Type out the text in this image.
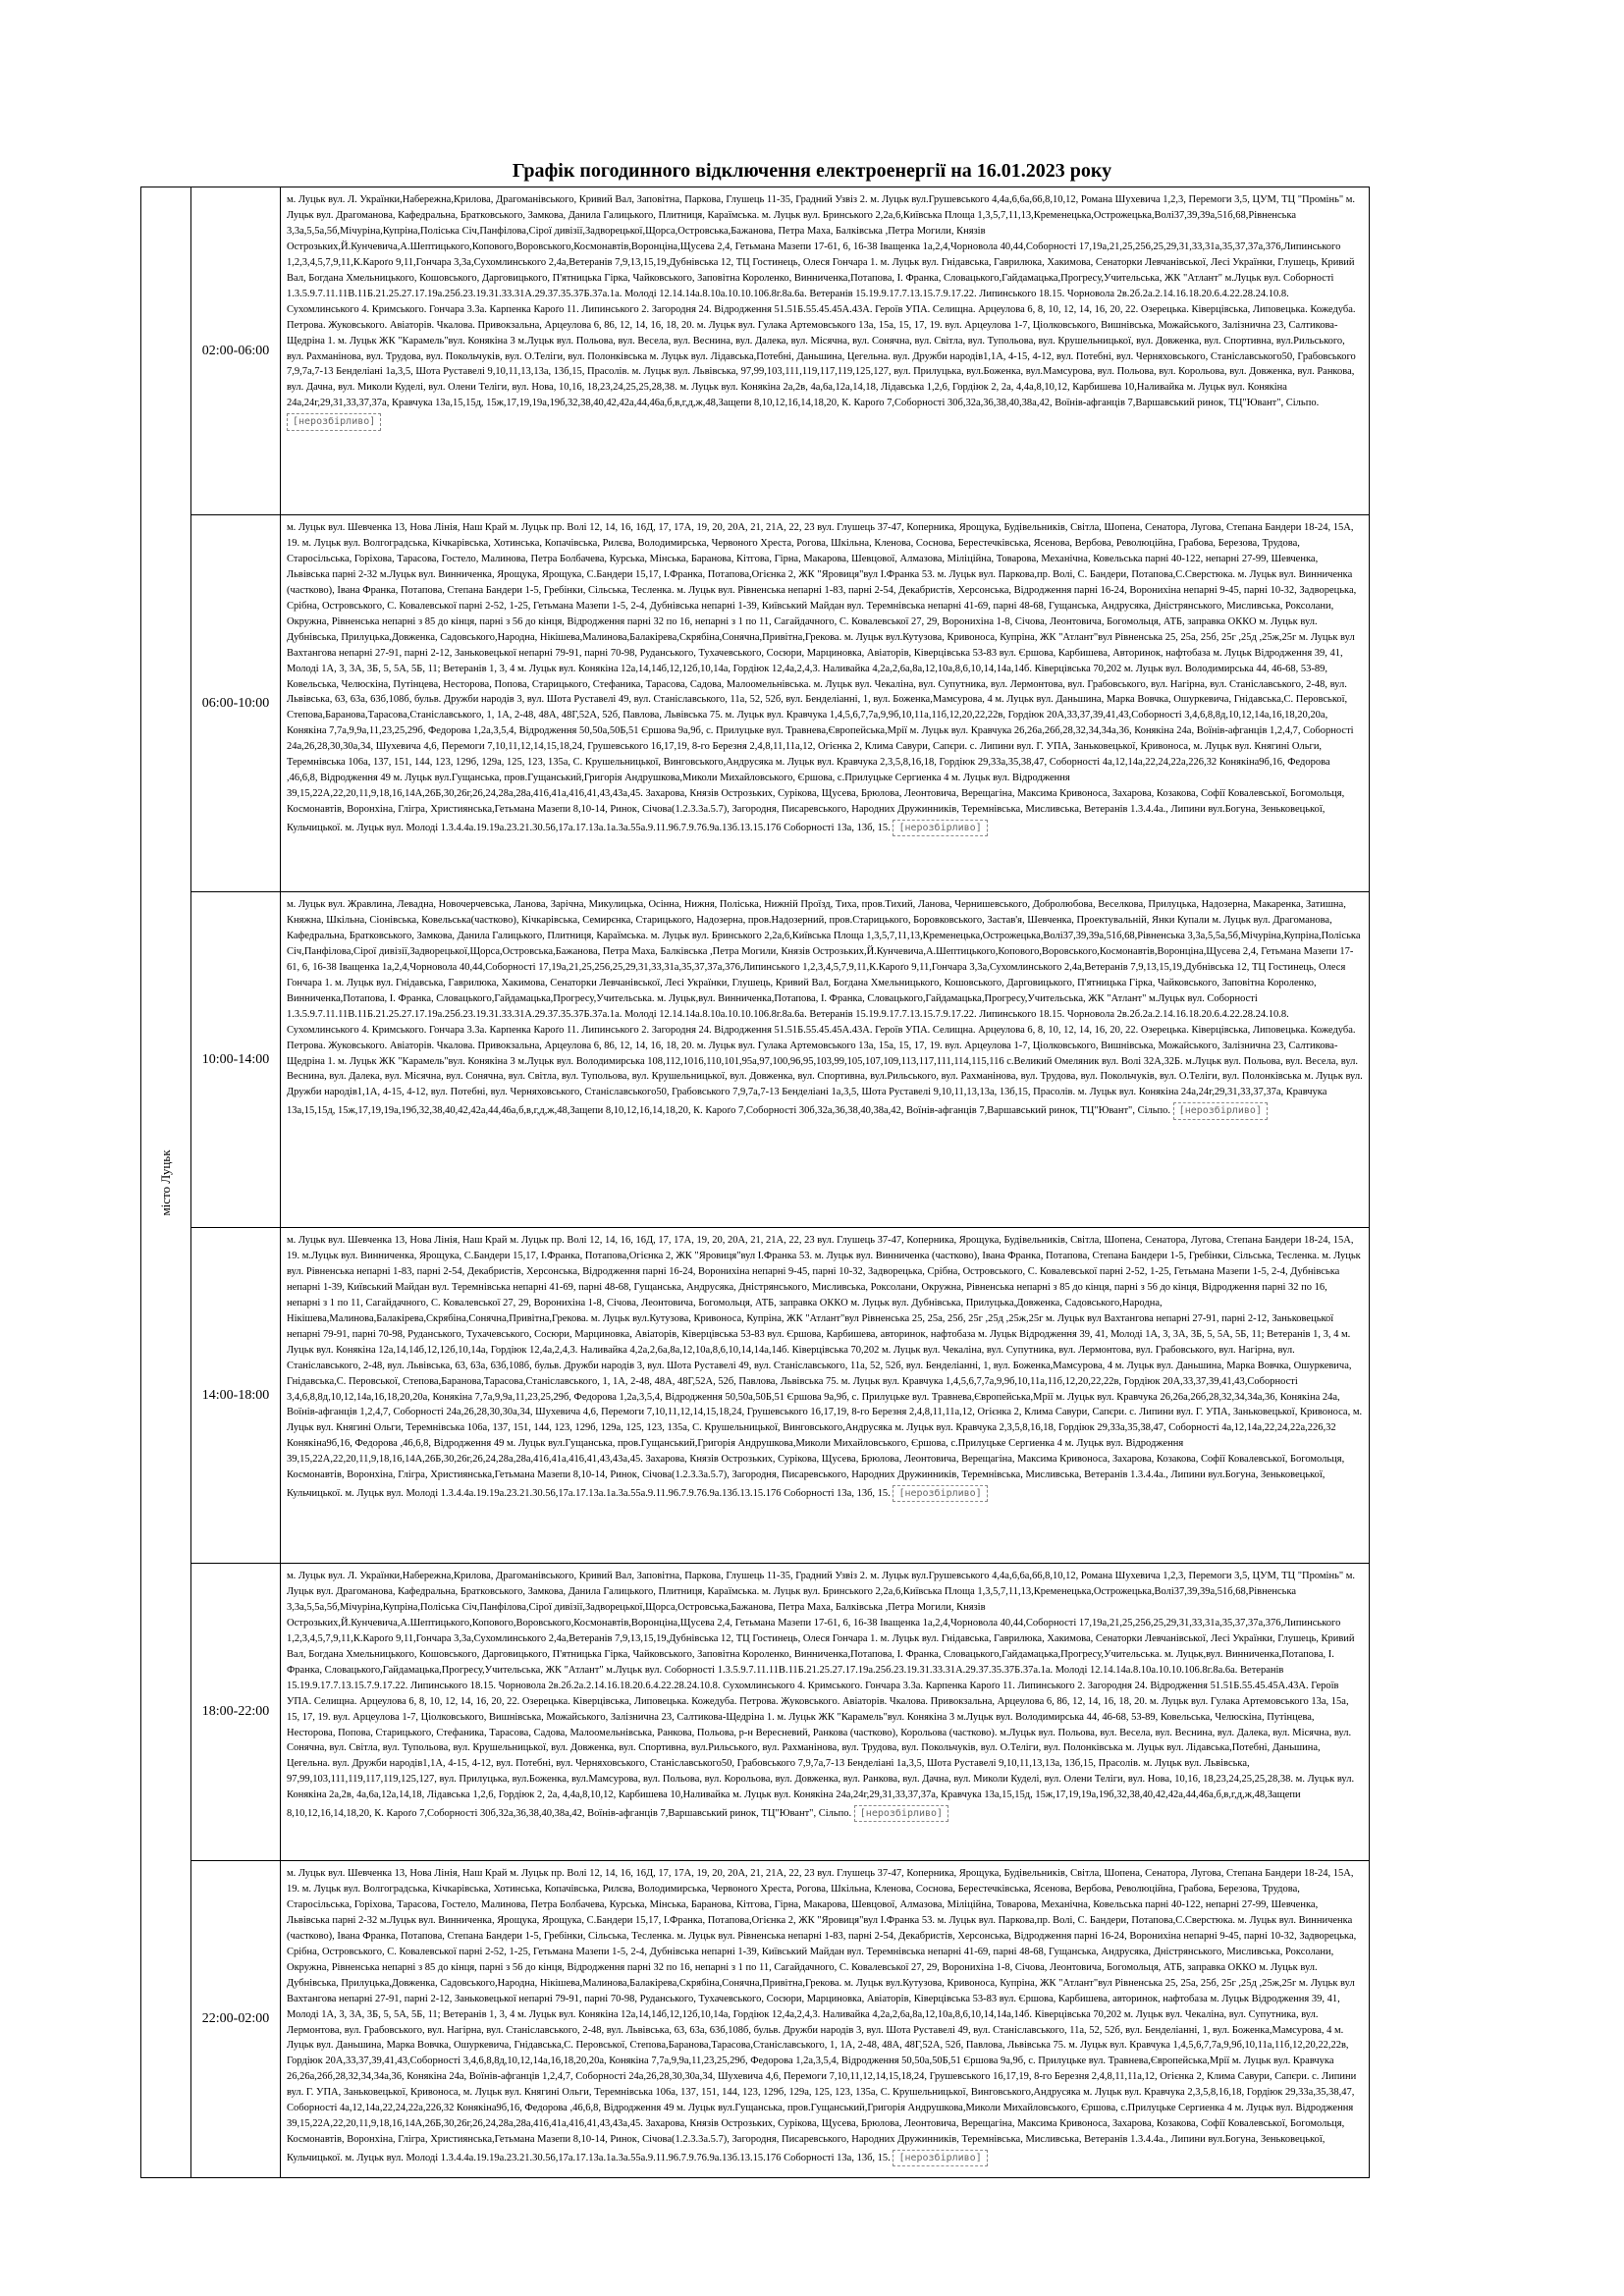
Графік погодинного відключення електроенергії на 16.01.2023 року
місто Луцьк	02:00-06:00	м. Луцьк вул. Л. Українки,Набережна,Крилова, Драгоманівського, Кривий Вал, Заповітна, Паркова, Глушець 11-35, Градний Узвіз 2. м. Луцьк вул.Грушевського 4,4а,6,6а,66,8,10,12, Романа Шухевича 1,2,3, Перемоги 3,5, ЦУМ, ТЦ "Промінь" м. Луцьк вул. Драгоманова, Кафедральна, Братковського, Замкова, Данила Галицького, Плитниця, Караїмська. м. Луцьк вул. Бринського 2,2а,6,Київська Площа 1,3,5,7,11,13,Кременецька,Острожецька,Волі37,39,39а,51б,68,Рівненська 3,3а,5,5а,5б,Мічуріна,Купріна,Поліська Січ,Панфілова,Сірої дивізії,Задворецької,Щорса,Островська,Бажанова, Петра Маха, Балківська ,Петра Могили, Князів Острозьких,Й.Кунчевича,А.Шептицького,Копового,Воровського,Космонавтів,Воронціна,Щусева 2,4, Гетьмана Мазепи 17-61, 6, 16-38 Іващенка 1а,2,4,Чорновола 40,44,Соборності 17,19а,21,25,256,25,29,31,33,31а,35,37,37а,376,Липинського 1,2,3,4,5,7,9,11,К.Кароґо 9,11,Гончара 3,3а,Сухомлинського 2,4а,Ветеранів 7,9,13,15,19,Дубнівська 12, ТЦ Гостинець, Олеся Гончара 1. м. Луцьк вул. Гнідавська, Гаврилюка, Хакимова, Сенаторки Левчанівської, Лесі Українки, Глушець, Кривий Вал, Богдана Хмельницького, Кошовського, Дарговицького, П'ятницька Гірка, Чайковського, Заповітна Короленко, Винниченка,Потапова, І. Франка, Словацького,Гайдамацька,Прогресу,Учительська, ЖК "Атлант" м.Луцьк вул. Соборності 1.3.5.9.7.11.11В.11Б.21.25.27.17.19а.25б.23.19.31.33.31А.29.37.35.37Б.37а.1а. Молоді 12.14.14а.8.10а.10.10.106.8г.8а.6а. Ветеранів 15.19.9.17.7.13.15.7.9.17.22. Липинського 18.15. Чорновола 2в.2б.2а.2.14.16.18.20.6.4.22.28.24.10.8. Сухомлинського 4. Кримського. Гончара 3.3а. Карпенка Кароґо 11. Липинського 2. Загородня 24. Відродження 51.51Б.55.45.45А.43А. Героїв УПА. Селищна. Арцеулова 6, 8, 10, 12, 14, 16, 20, 22. Озерецька. Ківерцівська, Липовецька. Кожедуба. Петрова. Жуковського. Авіаторів. Чкалова. Привокзальна, Арцеулова 6, 86, 12, 14, 16, 18, 20. м. Луцьк вул. Гулака Артемовського 13а, 15а, 15, 17, 19. вул. Арцеулова 1-7, Ціолковського, Вишнівська, Можайського, Залізнична 23, Салтикова-Щедріна 1. м. Луцьк ЖК "Карамель"вул. Конякіна 3 м.Луцьк вул. Польова, вул. Весела, вул. Веснина, вул. Далека, вул. Місячна, вул. Сонячна, вул. Світла, вул. Тупольова, вул. Крушельницької, вул. Довженка, вул. Спортивна, вул.Рильського, вул. Рахманінова, вул. Трудова, вул. Покольчуків, вул. О.Теліги, вул. Полонківська м. Луцьк вул. Лідавська,Потебні, Даньшина, Цегельна. вул. Дружби народів1,1А, 4-15, 4-12, вул. Потебні, вул. Черняховського, Станіславського50, Грабовського 7,9,7а,7-13 Бенделіані 1а,3,5, Шота Руставелі 9,10,11,13,13а, 13б,15, Прасолів. м. Луцьк вул. Львівська, 97,99,103,111,119,117,119,125,127, вул. Прилуцька, вул.Боженка, вул.Мамсурова, вул. Польова, вул. Корольова, вул. Довженка, вул. Ранкова, вул. Дачна, вул. Миколи Куделі, вул. Олени Теліги, вул. Нова, 10,16, 18,23,24,25,25,28,38. м. Луцьк вул. Конякіна 2а,2в, 4а,6а,12а,14,18, Лідавська 1,2,6, Гордіюк 2, 2а, 4,4а,8,10,12, Карбишева 10,Наливайка м. Луцьк вул. Конякіна 24а,24г,29,31,33,37,37а, Кравчука 13а,15,15д, 15ж,17,19,19а,19б,32,38,40,42,42а,44,46а,б,в,г,д,ж,48,Защепи 8,10,12,16,14,18,20, К. Кароґо 7,Соборності 30б,32а,36,38,40,38а,42, Воїнів-афганців 7,Варшавський ринок, ТЦ"Ювант", Сільпо. [нерозбірливо]
	06:00-10:00	м. Луцьк вул. Шевченка 13, Нова Лінія, Наш Край м. Луцьк пр. Волі 12, 14, 16, 16Д, 17, 17А, 19, 20, 20А, 21, 21А, 22, 23 вул. Глушець 37-47, Коперника, Ярощука, Будівельників, Світла, Шопена, Сенатора, Лугова, Степана Бандери 18-24, 15А, 19. м. Луцьк вул. Волгоградська, Кічкарівська, Хотинська, Копачівська, Рилєва, Володимирська, Червоного Хреста, Рогова, Шкільна, Кленова, Соснова, Берестечківська, Ясенова, Вербова, Революційна, Грабова, Березова, Трудова, Старосільська, Горіхова, Тарасова, Гостело, Малинова, Петра Болбачева, Курська, Мінська, Баранова, Кітгова, Гірна, Макарова, Шевцової, Алмазова, Міліційна, Товарова, Механічна, Ковельська парні 40-122, непарні 27-99, Шевченка, Львівська парні 2-32 м.Луцьк вул. Винниченка, Ярощука, Ярощука, С.Бандери 15,17, І.Франка, Потапова,Огієнка 2, ЖК "Яровиця"вул І.Франка 53. м. Луцьк вул. Паркова,пр. Волі, С. Бандери, Потапова,С.Сверстюка. м. Луцьк вул. Винниченка (частково), Івана Франка, Потапова, Степана Бандери 1-5, Гребінки, Сільська, Тесленка. м. Луцьк вул. Рівненська непарні 1-83, парні 2-54, Декабристів, Херсонська, Відродження парні 16-24, Воронихіна непарні 9-45, парні 10-32, Задворецька, Срібна, Островського, С. Ковалевської парні 2-52, 1-25, Гетьмана Мазепи 1-5, 2-4, Дубнівська непарні 1-39, Київський Майдан вул. Теремнівська непарні 41-69, парні 48-68, Гущанська, Андрусяка, Дністрянського, Мисливська, Роксолани, Окружна, Рівненська непарні з 85 до кінця, парні з 56 до кінця, Відродження парні 32 по 16, непарні з 1 по 11, Сагайдачного, С. Ковалевської 27, 29, Воронихіна 1-8, Січова, Леонтовича, Богомольця, АТБ, заправка ОККО м. Луцьк вул. Дубнівська, Прилуцька,Довженка, Садовського,Народна, Нікішева,Малинова,Балакірева,Скрябіна,Сонячна,Привітна,Грекова. м. Луцьк вул.Кутузова, Кривоноса, Купріна, ЖК "Атлант"вул Рівненська 25, 25а, 25б, 25г ,25д ,25ж,25г м. Луцьк вул Вахтангова непарні 27-91, парні 2-12, Заньковецької непарні 79-91, парні 70-98, Руданського, Тухачевського, Сосюри, Марциновка, Авіаторів, Ківерцівська 53-83 вул. Єршова, Карбишева, Авторинок, нафтобаза м. Луцьк Відродження 39, 41, Молоді 1А, 3, 3А, 3Б, 5, 5А, 5Б, 11; Ветеранів 1, 3, 4 м. Луцьк вул. Конякіна 12а,14,14б,12,12б,10,14а, Гордіюк 12,4а,2,4,3. Наливайка 4,2а,2,6а,8а,12,10а,8,6,10,14,14а,14б. Ківерцівська 70,202 м. Луцьк вул. Володимирська 44, 46-68, 53-89, Ковельська, Челюскіна, Путінцева, Несторова, Попова, Старицького, Стефаника, Тарасова, Садова, Малоомельнівська. м. Луцьк вул. Чекаліна, вул. Супутника, вул. Лермонтова, вул. Грабовського, вул. Нагірна, вул. Станіславського, 2-48, вул. Львівська, 63, 63а, 63б,108б, бульв. Дружби народів 3, вул. Шота Руставелі 49, вул. Станіславського, 11а, 52, 52б, вул. Бенделіанні, 1, вул. Боженка,Мамсурова, 4 м. Луцьк вул. Даньшина, Марка Вовчка, Ошуркевича, Гнідавська,С. Перовської, Степова,Баранова,Тарасова,Станіславського, 1, 1А, 2-48, 48А, 48Г,52А, 52б, Павлова, Львівська 75. м. Луцьк вул. Кравчука 1,4,5,6,7,7а,9,9б,10,11а,11б,12,20,22,22в, Гордіюк 20А,33,37,39,41,43,Соборності 3,4,6,8,8д,10,12,14а,16,18,20,20а, Конякіна 7,7а,9,9а,11,23,25,29б, Федорова 1,2а,3,5,4, Відродження 50,50а,50Б,51 Єршова 9а,9б, с. Прилуцьке вул. Травнева,Європейська,Мрії м. Луцьк вул. Кравчука 26,26а,26б,28,32,34,34а,36, Конякіна 24а, Воїнів-афганців 1,2,4,7, Соборності 24а,26,28,30,30а,34, Шухевича 4,6, Перемоги 7,10,11,12,14,15,18,24, Грушевського 16,17,19, 8-го Березня 2,4,8,11,11а,12, Огієнка 2, Клима Савури, Сапєри. с. Липини вул. Г. УПА, Заньковецької, Кривоноса, м. Луцьк вул. Княгині Ольги, Теремнівська 106а, 137, 151, 144, 123, 129б, 129а, 125, 123, 135а, С. Крушельницької, Винговського,Андрусяка м. Луцьк вул. Кравчука 2,3,5,8,16,18, Гордіюк 29,33а,35,38,47, Соборності 4а,12,14а,22,24,22а,226,32 Конякіна9б,16, Федорова ,46,6,8, Відродження 49 м. Луцьк вул.Гущанська, пров.Гущанський,Григорія Андрушкова,Миколи Михайловського, Єршова, с.Прилуцьке Сергиенка 4 м. Луцьк вул. Відродження 39,15,22А,22,20,11,9,18,16,14А,26Б,30,26г,26,24,28а,28а,416,41а,416,41,43,43а,45. Захарова, Князів Острозьких, Сурікова, Щусева, Брюлова, Леонтовича, Верещагіна, Максима Кривоноса, Захарова, Козакова, Софії Ковалевської, Богомольця, Космонавтів, Воронхіна, Глігра, Християнська,Гетьмана Мазепи 8,10-14, Ринок, Січова(1.2.3.3а.5.7), Загородня, Писаревського, Народних Дружинників, Теремнівська, Мисливська, Ветеранів 1.3.4.4а., Липини вул.Богуна, Зеньковецької, Кульчицької. м. Луцьк вул. Молоді 1.3.4.4а.19.19а.23.21.30.56,17а.17.13а.1а.3а.55а.9.11.96.7.9.76.9а.13б.13.15.176 Соборності 13а, 13б, 15. [нерозбірливо]
	10:00-14:00	м. Луцьк вул. Жравлина, Левадна, Новочерчевська, Ланова, Зарічна, Микулицька, Осінна, Нижня, Поліська, Нижній Проїзд, Тиха, пров.Тихий, Ланова, Чернишевського, Добролюбова, Веселкова, Прилуцька, Надозерна, Макаренка, Затишна, Княжна, Шкільна, Сіонівська, Ковельська(частково), Кічкарівська, Семирєнка, Старицького, Надозерна, пров.Надозерний, пров.Старицького, Боровковського, Застав'я, Шевченка, Проектувальній, Янки Купали м. Луцьк вул. Драгоманова, Кафедральна, Братковського, Замкова, Данила Галицького, Плитниця, Караїмська. м. Луцьк вул. Бринського 2,2а,6,Київська Площа 1,3,5,7,11,13,Кременецька,Острожецька,Волі37,39,39а,51б,68,Рівненська 3,3а,5,5а,5б,Мічуріна,Купріна,Поліська Січ,Панфілова,Сірої дивізії,Задворецької,Щорса,Островська,Бажанова, Петра Маха, Балківська ,Петра Могили, Князів Острозьких,Й.Кунчевича,А.Шептицького,Копового,Воровського,Космонавтів,Воронціна,Щусева 2,4, Гетьмана Мазепи 17-61, 6, 16-38 Іващенка 1а,2,4,Чорновола 40,44,Соборності 17,19а,21,25,256,25,29,31,33,31а,35,37,37а,376,Липинського 1,2,3,4,5,7,9,11,К.Кароґо 9,11,Гончара 3,3а,Сухомлинського 2,4а,Ветеранів 7,9,13,15,19,Дубнівська 12, ТЦ Гостинець, Олеся Гончара 1. м. Луцьк вул. Гнідавська, Гаврилюка, Хакимова, Сенаторки Левчанівської, Лесі Українки, Глушець, Кривий Вал, Богдана Хмельницького, Кошовського, Дарговицького, П'ятницька Гірка, Чайковського, Заповітна Короленко, Винниченка,Потапова, І. Франка, Словацького,Гайдамацька,Прогресу,Учительська. м. Луцьк,вул. Винниченка,Потапова, І. Франка, Словацького,Гайдамацька,Прогресу,Учительська, ЖК "Атлант" м.Луцьк вул. Соборності 1.3.5.9.7.11.11В.11Б.21.25.27.17.19а.25б.23.19.31.33.31А.29.37.35.37Б.37а.1а. Молоді 12.14.14а.8.10а.10.10.106.8г.8а.6а. Ветеранів 15.19.9.17.7.13.15.7.9.17.22. Липинського 18.15. Чорновола 2в.2б.2а.2.14.16.18.20.6.4.22.28.24.10.8. Сухомлинського 4. Кримського. Гончара 3.3а. Карпенка Кароґо 11. Липинського 2. Загородня 24. Відродження 51.51Б.55.45.45А.43А. Героїв УПА. Селищна. Арцеулова 6, 8, 10, 12, 14, 16, 20, 22. Озерецька. Ківерцівська, Липовецька. Кожедуба. Петрова. Жуковського. Авіаторів. Чкалова. Привокзальна, Арцеулова 6, 86, 12, 14, 16, 18, 20. м. Луцьк вул. Гулака Артемовського 13а, 15а, 15, 17, 19. вул. Арцеулова 1-7, Ціолковського, Вишнівська, Можайського, Залізнична 23, Салтикова-Щедріна 1. м. Луцьк ЖК "Карамель"вул. Конякіна 3 м.Луцьк вул. Володимирська 108,112,1016,110,101,95а,97,100,96,95,103,99,105,107,109,113,117,111,114,115,116 с.Великий Омеляник вул. Волі 32А,32Б. м.Луцьк вул. Польова, вул. Весела, вул. Веснина, вул. Далека, вул. Місячна, вул. Сонячна, вул. Світла, вул. Тупольова, вул. Крушельницької, вул. Довженка, вул. Спортивна, вул.Рильського, вул. Рахманінова, вул. Трудова, вул. Покольчуків, вул. О.Теліги, вул. Полонківська м. Луцьк вул. Дружби народів1,1А, 4-15, 4-12, вул. Потебні, вул. Черняховського, Станіславського50, Грабовського 7,9,7а,7-13 Бенделіані 1а,3,5, Шота Руставелі 9,10,11,13,13а, 13б,15, Прасолів. м. Луцьк вул. Конякіна 24а,24г,29,31,33,37,37а, Кравчука 13а,15,15д, 15ж,17,19,19а,19б,32,38,40,42,42а,44,46а,б,в,г,д,ж,48,Защепи 8,10,12,16,14,18,20, К. Кароґо 7,Соборності 30б,32а,36,38,40,38а,42, Воїнів-афганців 7,Варшавський ринок, ТЦ"Ювант", Сільпо. [нерозбірливо]
	14:00-18:00	м. Луцьк вул. Шевченка 13, Нова Лінія, Наш Край м. Луцьк пр. Волі 12, 14, 16, 16Д, 17, 17А, 19, 20, 20А, 21, 21А, 22, 23 вул. Глушець 37-47, Коперника, Ярощука, Будівельників, Світла, Шопена, Сенатора, Лугова, Степана Бандери 18-24, 15А, 19. м.Луцьк вул. Винниченка, Ярощука, С.Бандери 15,17, І.Франка, Потапова,Огієнка 2, ЖК "Яровиця"вул І.Франка 53. м. Луцьк вул. Винниченка (частково), Івана Франка, Потапова, Степана Бандери 1-5, Гребінки, Сільська, Тесленка. м. Луцьк вул. Рівненська непарні 1-83, парні 2-54, Декабристів, Херсонська, Відродження парні 16-24, Воронихіна непарні 9-45, парні 10-32, Задворецька, Срібна, Островського, С. Ковалевської парні 2-52, 1-25, Гетьмана Мазепи 1-5, 2-4, Дубнівська непарні 1-39, Київський Майдан вул. Теремнівська непарні 41-69, парні 48-68, Гущанська, Андрусяка, Дністрянського, Мисливська, Роксолани, Окружна, Рівненська непарні з 85 до кінця, парні з 56 до кінця, Відродження парні 32 по 16, непарні з 1 по 11, Сагайдачного, С. Ковалевської 27, 29, Воронихіна 1-8, Січова, Леонтовича, Богомольця, АТБ, заправка ОККО м. Луцьк вул. Дубнівська, Прилуцька,Довженка, Садовського,Народна, Нікішева,Малинова,Балакірева,Скрябіна,Сонячна,Привітна,Грекова. м. Луцьк вул.Кутузова, Кривоноса, Купріна, ЖК "Атлант"вул Рівненська 25, 25а, 25б, 25г ,25д ,25ж,25г м. Луцьк вул Вахтангова непарні 27-91, парні 2-12, Заньковецької непарні 79-91, парні 70-98, Руданського, Тухачевського, Сосюри, Марциновка, Авіаторів, Ківерцівська 53-83 вул. Єршова, Карбишева, авторинок, нафтобаза м. Луцьк Відродження 39, 41, Молоді 1А, 3, 3А, 3Б, 5, 5А, 5Б, 11; Ветеранів 1, 3, 4 м. Луцьк вул. Конякіна 12а,14,14б,12,12б,10,14а, Гордіюк 12,4а,2,4,3. Наливайка 4,2а,2,6а,8а,12,10а,8,6,10,14,14а,14б. Ківерцівська 70,202 м. Луцьк вул. Чекаліна, вул. Супутника, вул. Лермонтова, вул. Грабовського, вул. Нагірна, вул. Станіславського, 2-48, вул. Львівська, 63, 63а, 63б,108б, бульв. Дружби народів 3, вул. Шота Руставелі 49, вул. Станіславського, 11а, 52, 52б, вул. Бенделіанні, 1, вул. Боженка,Мамсурова, 4 м. Луцьк вул. Даньшина, Марка Вовчка, Ошуркевича, Гнідавська,С. Перовської, Степова,Баранова,Тарасова,Станіславського, 1, 1А, 2-48, 48А, 48Г,52А, 52б, Павлова, Львівська 75. м. Луцьк вул. Кравчука 1,4,5,6,7,7а,9,9б,10,11а,11б,12,20,22,22в, Гордіюк 20А,33,37,39,41,43,Соборності 3,4,6,8,8д,10,12,14а,16,18,20,20а, Конякіна 7,7а,9,9а,11,23,25,29б, Федорова 1,2а,3,5,4, Відродження 50,50а,50Б,51 Єршова 9а,9б, с. Прилуцьке вул. Травнева,Європейська,Мрії м. Луцьк вул. Кравчука 26,26а,26б,28,32,34,34а,36, Конякіна 24а, Воїнів-афганців 1,2,4,7, Соборності 24а,26,28,30,30а,34, Шухевича 4,6, Перемоги 7,10,11,12,14,15,18,24, Грушевського 16,17,19, 8-го Березня 2,4,8,11,11а,12, Огієнка 2, Клима Савури, Сапєри. с. Липини вул. Г. УПА, Заньковецької, Кривоноса, м. Луцьк вул. Княгині Ольги, Теремнівська 106а, 137, 151, 144, 123, 129б, 129а, 125, 123, 135а, С. Крушельницької, Винговського,Андрусяка м. Луцьк вул. Кравчука 2,3,5,8,16,18, Гордіюк 29,33а,35,38,47, Соборності 4а,12,14а,22,24,22а,226,32 Конякіна9б,16, Федорова ,46,6,8, Відродження 49 м. Луцьк вул.Гущанська, пров.Гущанський,Григорія Андрушкова,Миколи Михайловського, Єршова, с.Прилуцьке Сергиенка 4 м. Луцьк вул. Відродження 39,15,22А,22,20,11,9,18,16,14А,26Б,30,26г,26,24,28а,28а,416,41а,416,41,43,43а,45. Захарова, Князів Острозьких, Сурікова, Щусева, Брюлова, Леонтовича, Верещагіна, Максима Кривоноса, Захарова, Козакова, Софії Ковалевської, Богомольця, Космонавтів, Воронхіна, Глігра, Християнська,Гетьмана Мазепи 8,10-14, Ринок, Січова(1.2.3.3а.5.7), Загородня, Писаревського, Народних Дружинників, Теремнівська, Мисливська, Ветеранів 1.3.4.4а., Липини вул.Богуна, Зеньковецької, Кульчицької. м. Луцьк вул. Молоді 1.3.4.4а.19.19а.23.21.30.56,17а.17.13а.1а.3а.55а.9.11.96.7.9.76.9а.13б.13.15.176 Соборності 13а, 13б, 15. [нерозбірливо]
	18:00-22:00	м. Луцьк вул. Л. Українки,Набережна,Крилова, Драгоманівського, Кривий Вал, Заповітна, Паркова, Глушець 11-35, Градний Узвіз 2. м. Луцьк вул.Грушевського 4,4а,6,6а,66,8,10,12, Романа Шухевича 1,2,3, Перемоги 3,5, ЦУМ, ТЦ "Промінь" м. Луцьк вул. Драгоманова, Кафедральна, Братковського, Замкова, Данила Галицького, Плитниця, Караїмська. м. Луцьк вул. Бринського 2,2а,6,Київська Площа 1,3,5,7,11,13,Кременецька,Острожецька,Волі37,39,39а,51б,68,Рівненська 3,3а,5,5а,5б,Мічуріна,Купріна,Поліська Січ,Панфілова,Сірої дивізії,Задворецької,Щорса,Островська,Бажанова, Петра Маха, Балківська ,Петра Могили, Князів Острозьких,Й.Кунчевича,А.Шептицького,Копового,Воровського,Космонавтів,Воронціна,Щусева 2,4, Гетьмана Мазепи 17-61, 6, 16-38 Іващенка 1а,2,4,Чорновола 40,44,Соборності 17,19а,21,25,256,25,29,31,33,31а,35,37,37а,376,Липинського 1,2,3,4,5,7,9,11,К.Кароґо 9,11,Гончара 3,3а,Сухомлинського 2,4а,Ветеранів 7,9,13,15,19,Дубнівська 12, ТЦ Гостинець, Олеся Гончара 1. м. Луцьк вул. Гнідавська, Гаврилюка, Хакимова, Сенаторки Левчанівської, Лесі Українки, Глушець, Кривий Вал, Богдана Хмельницького, Кошовського, Дарговицького, П'ятницька Гірка, Чайковського, Заповітна Короленко, Винниченка,Потапова, І. Франка, Словацького,Гайдамацька,Прогресу,Учительська. м. Луцьк,вул. Винниченка,Потапова, І. Франка, Словацького,Гайдамацька,Прогресу,Учительська, ЖК "Атлант" м.Луцьк вул. Соборності 1.3.5.9.7.11.11В.11Б.21.25.27.17.19а.25б.23.19.31.33.31А.29.37.35.37Б.37а.1а. Молоді 12.14.14а.8.10а.10.10.106.8г.8а.6а. Ветеранів 15.19.9.17.7.13.15.7.9.17.22. Липинського 18.15. Чорновола 2в.2б.2а.2.14.16.18.20.6.4.22.28.24.10.8. Сухомлинського 4. Кримського. Гончара 3.3а. Карпенка Кароґо 11. Липинського 2. Загородня 24. Відродження 51.51Б.55.45.45А.43А. Героїв УПА. Селищна. Арцеулова 6, 8, 10, 12, 14, 16, 20, 22. Озерецька. Ківерцівська, Липовецька. Кожедуба. Петрова. Жуковського. Авіаторів. Чкалова. Привокзальна, Арцеулова 6, 86, 12, 14, 16, 18, 20. м. Луцьк вул. Гулака Артемовського 13а, 15а, 15, 17, 19. вул. Арцеулова 1-7, Ціолковського, Вишнівська, Можайського, Залізнична 23, Салтикова-Щедріна 1. м. Луцьк ЖК "Карамель"вул. Конякіна 3 м.Луцьк вул. Володимирська 44, 46-68, 53-89, Ковельська, Челюскіна, Путінцева, Несторова, Попова, Старицького, Стефаника, Тарасова, Садова, Малоомельнівська, Ранкова, Польова, р-н Вересневий, Ранкова (частково), Корольова (частково). м.Луцьк вул. Польова, вул. Весела, вул. Веснина, вул. Далека, вул. Місячна, вул. Сонячна, вул. Світла, вул. Тупольова, вул. Крушельницької, вул. Довженка, вул. Спортивна, вул.Рильського, вул. Рахманінова, вул. Трудова, вул. Покольчуків, вул. О.Теліги, вул. Полонківська м. Луцьк вул. Лідавська,Потебні, Даньшина, Цегельна. вул. Дружби народів1,1А, 4-15, 4-12, вул. Потебні, вул. Черняховського, Станіславського50, Грабовського 7,9,7а,7-13 Бенделіані 1а,3,5, Шота Руставелі 9,10,11,13,13а, 13б,15, Прасолів. м. Луцьк вул. Львівська, 97,99,103,111,119,117,119,125,127, вул. Прилуцька, вул.Боженка, вул.Мамсурова, вул. Польова, вул. Корольова, вул. Довженка, вул. Ранкова, вул. Дачна, вул. Миколи Куделі, вул. Олени Теліги, вул. Нова, 10,16, 18,23,24,25,25,28,38. м. Луцьк вул. Конякіна 2а,2в, 4а,6а,12а,14,18, Лідавська 1,2,6, Гордіюк 2, 2а, 4,4а,8,10,12, Карбишева 10,Наливайка м. Луцьк вул. Конякіна 24а,24г,29,31,33,37,37а, Кравчука 13а,15,15д, 15ж,17,19,19а,19б,32,38,40,42,42а,44,46а,б,в,г,д,ж,48,Защепи 8,10,12,16,14,18,20, К. Кароґо 7,Соборності 30б,32а,36,38,40,38а,42, Воїнів-афганців 7,Варшавський ринок, ТЦ"Ювант", Сільпо. [нерозбірливо]
	22:00-02:00	м. Луцьк вул. Шевченка 13, Нова Лінія, Наш Край м. Луцьк пр. Волі 12, 14, 16, 16Д, 17, 17А, 19, 20, 20А, 21, 21А, 22, 23 вул. Глушець 37-47, Коперника, Ярощука, Будівельників, Світла, Шопена, Сенатора, Лугова, Степана Бандери 18-24, 15А, 19. м. Луцьк вул. Волгоградська, Кічкарівська, Хотинська, Копачівська, Рилєва, Володимирська, Червоного Хреста, Рогова, Шкільна, Кленова, Соснова, Берестечківська, Ясенова, Вербова, Революційна, Грабова, Березова, Трудова, Старосільська, Горіхова, Тарасова, Гостело, Малинова, Петра Болбачева, Курська, Мінська, Баранова, Кітгова, Гірна, Макарова, Шевцової, Алмазова, Міліційна, Товарова, Механічна, Ковельська парні 40-122, непарні 27-99, Шевченка, Львівська парні 2-32 м.Луцьк вул. Винниченка, Ярощука, Ярощука, С.Бандери 15,17, І.Франка, Потапова,Огієнка 2, ЖК "Яровиця"вул І.Франка 53. м. Луцьк вул. Паркова,пр. Волі, С. Бандери, Потапова,С.Сверстюка. м. Луцьк вул. Винниченка (частково), Івана Франка, Потапова, Степана Бандери 1-5, Гребінки, Сільська, Тесленка. м. Луцьк вул. Рівненська непарні 1-83, парні 2-54, Декабристів, Херсонська, Відродження парні 16-24, Воронихіна непарні 9-45, парні 10-32, Задворецька, Срібна, Островського, С. Ковалевської парні 2-52, 1-25, Гетьмана Мазепи 1-5, 2-4, Дубнівська непарні 1-39, Київський Майдан вул. Теремнівська непарні 41-69, парні 48-68, Гущанська, Андрусяка, Дністрянського, Мисливська, Роксолани, Окружна, Рівненська непарні з 85 до кінця, парні з 56 до кінця, Відродження парні 32 по 16, непарні з 1 по 11, Сагайдачного, С. Ковалевської 27, 29, Воронихіна 1-8, Січова, Леонтовича, Богомольця, АТБ, заправка ОККО м. Луцьк вул. Дубнівська, Прилуцька,Довженка, Садовського,Народна, Нікішева,Малинова,Балакірева,Скрябіна,Сонячна,Привітна,Грекова. м. Луцьк вул.Кутузова, Кривоноса, Купріна, ЖК "Атлант"вул Рівненська 25, 25а, 25б, 25г ,25д ,25ж,25г м. Луцьк вул Вахтангова непарні 27-91, парні 2-12, Заньковецької непарні 79-91, парні 70-98, Руданського, Тухачевського, Сосюри, Марциновка, Авіаторів, Ківерцівська 53-83 вул. Єршова, Карбишева, авторинок, нафтобаза м. Луцьк Відродження 39, 41, Молоді 1А, 3, 3А, 3Б, 5, 5А, 5Б, 11; Ветеранів 1, 3, 4 м. Луцьк вул. Конякіна 12а,14,14б,12,12б,10,14а, Гордіюк 12,4а,2,4,3. Наливайка 4,2а,2,6а,8а,12,10а,8,6,10,14,14а,14б. Ківерцівська 70,202 м. Луцьк вул. Чекаліна, вул. Супутника, вул. Лермонтова, вул. Грабовського, вул. Нагірна, вул. Станіславського, 2-48, вул. Львівська, 63, 63а, 63б,108б, бульв. Дружби народів 3, вул. Шота Руставелі 49, вул. Станіславського, 11а, 52, 52б, вул. Бенделіанні, 1, вул. Боженка,Мамсурова, 4 м. Луцьк вул. Даньшина, Марка Вовчка, Ошуркевича, Гнідавська,С. Перовської, Степова,Баранова,Тарасова,Станіславського, 1, 1А, 2-48, 48А, 48Г,52А, 52б, Павлова, Львівська 75. м. Луцьк вул. Кравчука 1,4,5,6,7,7а,9,9б,10,11а,11б,12,20,22,22в, Гордіюк 20А,33,37,39,41,43,Соборності 3,4,6,8,8д,10,12,14а,16,18,20,20а, Конякіна 7,7а,9,9а,11,23,25,29б, Федорова 1,2а,3,5,4, Відродження 50,50а,50Б,51 Єршова 9а,9б, с. Прилуцьке вул. Травнева,Європейська,Мрії м. Луцьк вул. Кравчука 26,26а,26б,28,32,34,34а,36, Конякіна 24а, Воїнів-афганців 1,2,4,7, Соборності 24а,26,28,30,30а,34, Шухевича 4,6, Перемоги 7,10,11,12,14,15,18,24, Грушевського 16,17,19, 8-го Березня 2,4,8,11,11а,12, Огієнка 2, Клима Савури, Сапєри. с. Липини вул. Г. УПА, Заньковецької, Кривоноса, м. Луцьк вул. Княгині Ольги, Теремнівська 106а, 137, 151, 144, 123, 129б, 129а, 125, 123, 135а, С. Крушельницької, Винговського,Андрусяка м. Луцьк вул. Кравчука 2,3,5,8,16,18, Гордіюк 29,33а,35,38,47, Соборності 4а,12,14а,22,24,22а,226,32 Конякіна9б,16, Федорова ,46,6,8, Відродження 49 м. Луцьк вул.Гущанська, пров.Гущанський,Григорія Андрушкова,Миколи Михайловського, Єршова, с.Прилуцьке Сергиенка 4 м. Луцьк вул. Відродження 39,15,22А,22,20,11,9,18,16,14А,26Б,30,26г,26,24,28а,28а,416,41а,416,41,43,43а,45. Захарова, Князів Острозьких, Сурікова, Щусева, Брюлова, Леонтовича, Верещагіна, Максима Кривоноса, Захарова, Козакова, Софії Ковалевської, Богомольця, Космонавтів, Воронхіна, Глігра, Християнська,Гетьмана Мазепи 8,10-14, Ринок, Січова(1.2.3.3а.5.7), Загородня, Писаревського, Народних Дружинників, Теремнівська, Мисливська, Ветеранів 1.3.4.4а., Липини вул.Богуна, Зеньковецької, Кульчицької. м. Луцьк вул. Молоді 1.3.4.4а.19.19а.23.21.30.56,17а.17.13а.1а.3а.55а.9.11.96.7.9.76.9а.13б.13.15.176 Соборності 13а, 13б, 15. [нерозбірливо]
